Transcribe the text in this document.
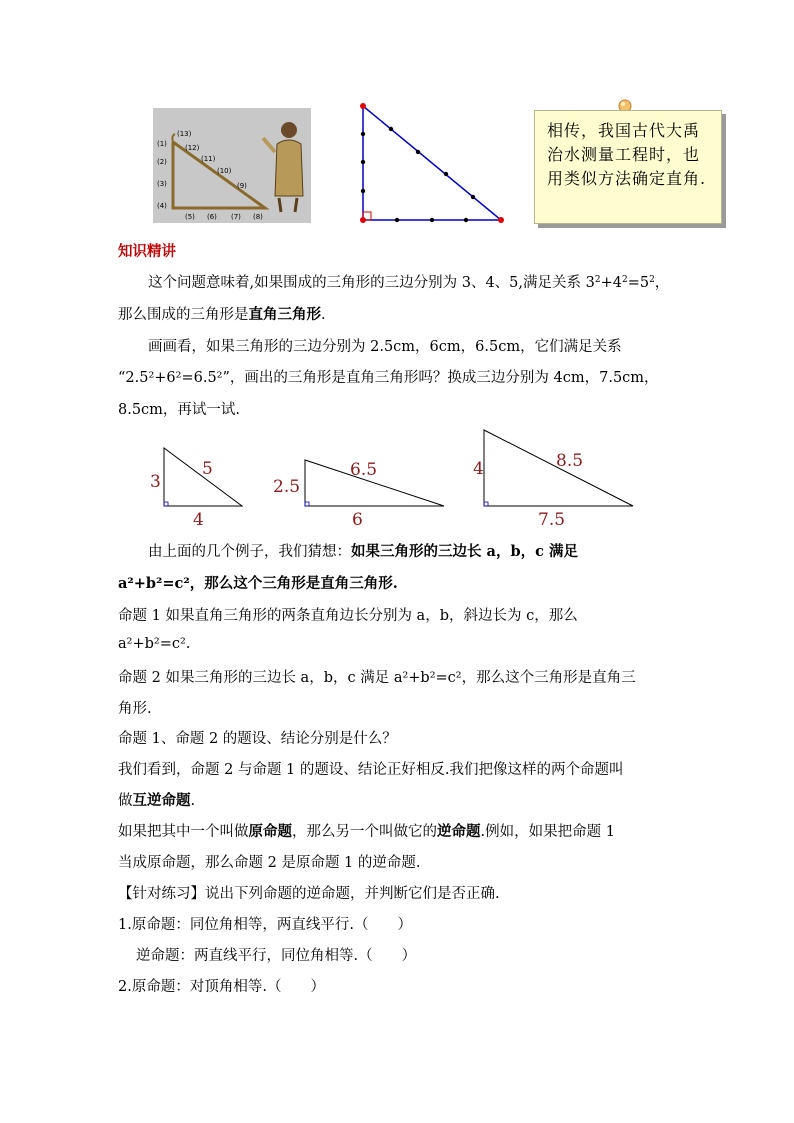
(13)
(12)
(11)
(10)
(9)
(1)
(2)
(3)
(4)
(5) (6) (7) (8)
相传，我国古代大禹治水测量工程时，也用类似方法确定直角.
知识精讲
这个问题意味着,如果围成的三角形的三边分别为 3、4、5,满足关系 $3^2+4^2=5^2$，
那么围成的三角形是直角三角形.
画画看，如果三角形的三边分别为 2.5cm，6cm，6.5cm，它们满足关系
“2.5²+6²=6.5²”，画出的三角形是直角三角形吗？换成三边分别为 4cm，7.5cm，
8.5cm，再试一试.
3
4
5
2.5
6
6.5	4
7.5
8.5
由上面的几个例子，我们猜想：如果三角形的三边长 a，b，c 满足
a²+b²=c²，那么这个三角形是直角三角形.
命题 1 如果直角三角形的两条直角边长分别为 a，b，斜边长为 c，那么
a²+b²=c².
命题 2 如果三角形的三边长 a，b，c 满足 a²+b²=c²，那么这个三角形是直角三
角形.
命题 1、命题 2 的题设、结论分别是什么？
我们看到，命题 2 与命题 1 的题设、结论正好相反.我们把像这样的两个命题叫
做互逆命题.
如果把其中一个叫做原命题，那么另一个叫做它的逆命题.例如，如果把命题 1
当成原命题，那么命题 2 是原命题 1 的逆命题.
【针对练习】说出下列命题的逆命题，并判断它们是否正确.
1.原命题：同位角相等，两直线平行.（　　）
逆命题：两直线平行，同位角相等.（　　）
2.原命题：对顶角相等.（　　）
